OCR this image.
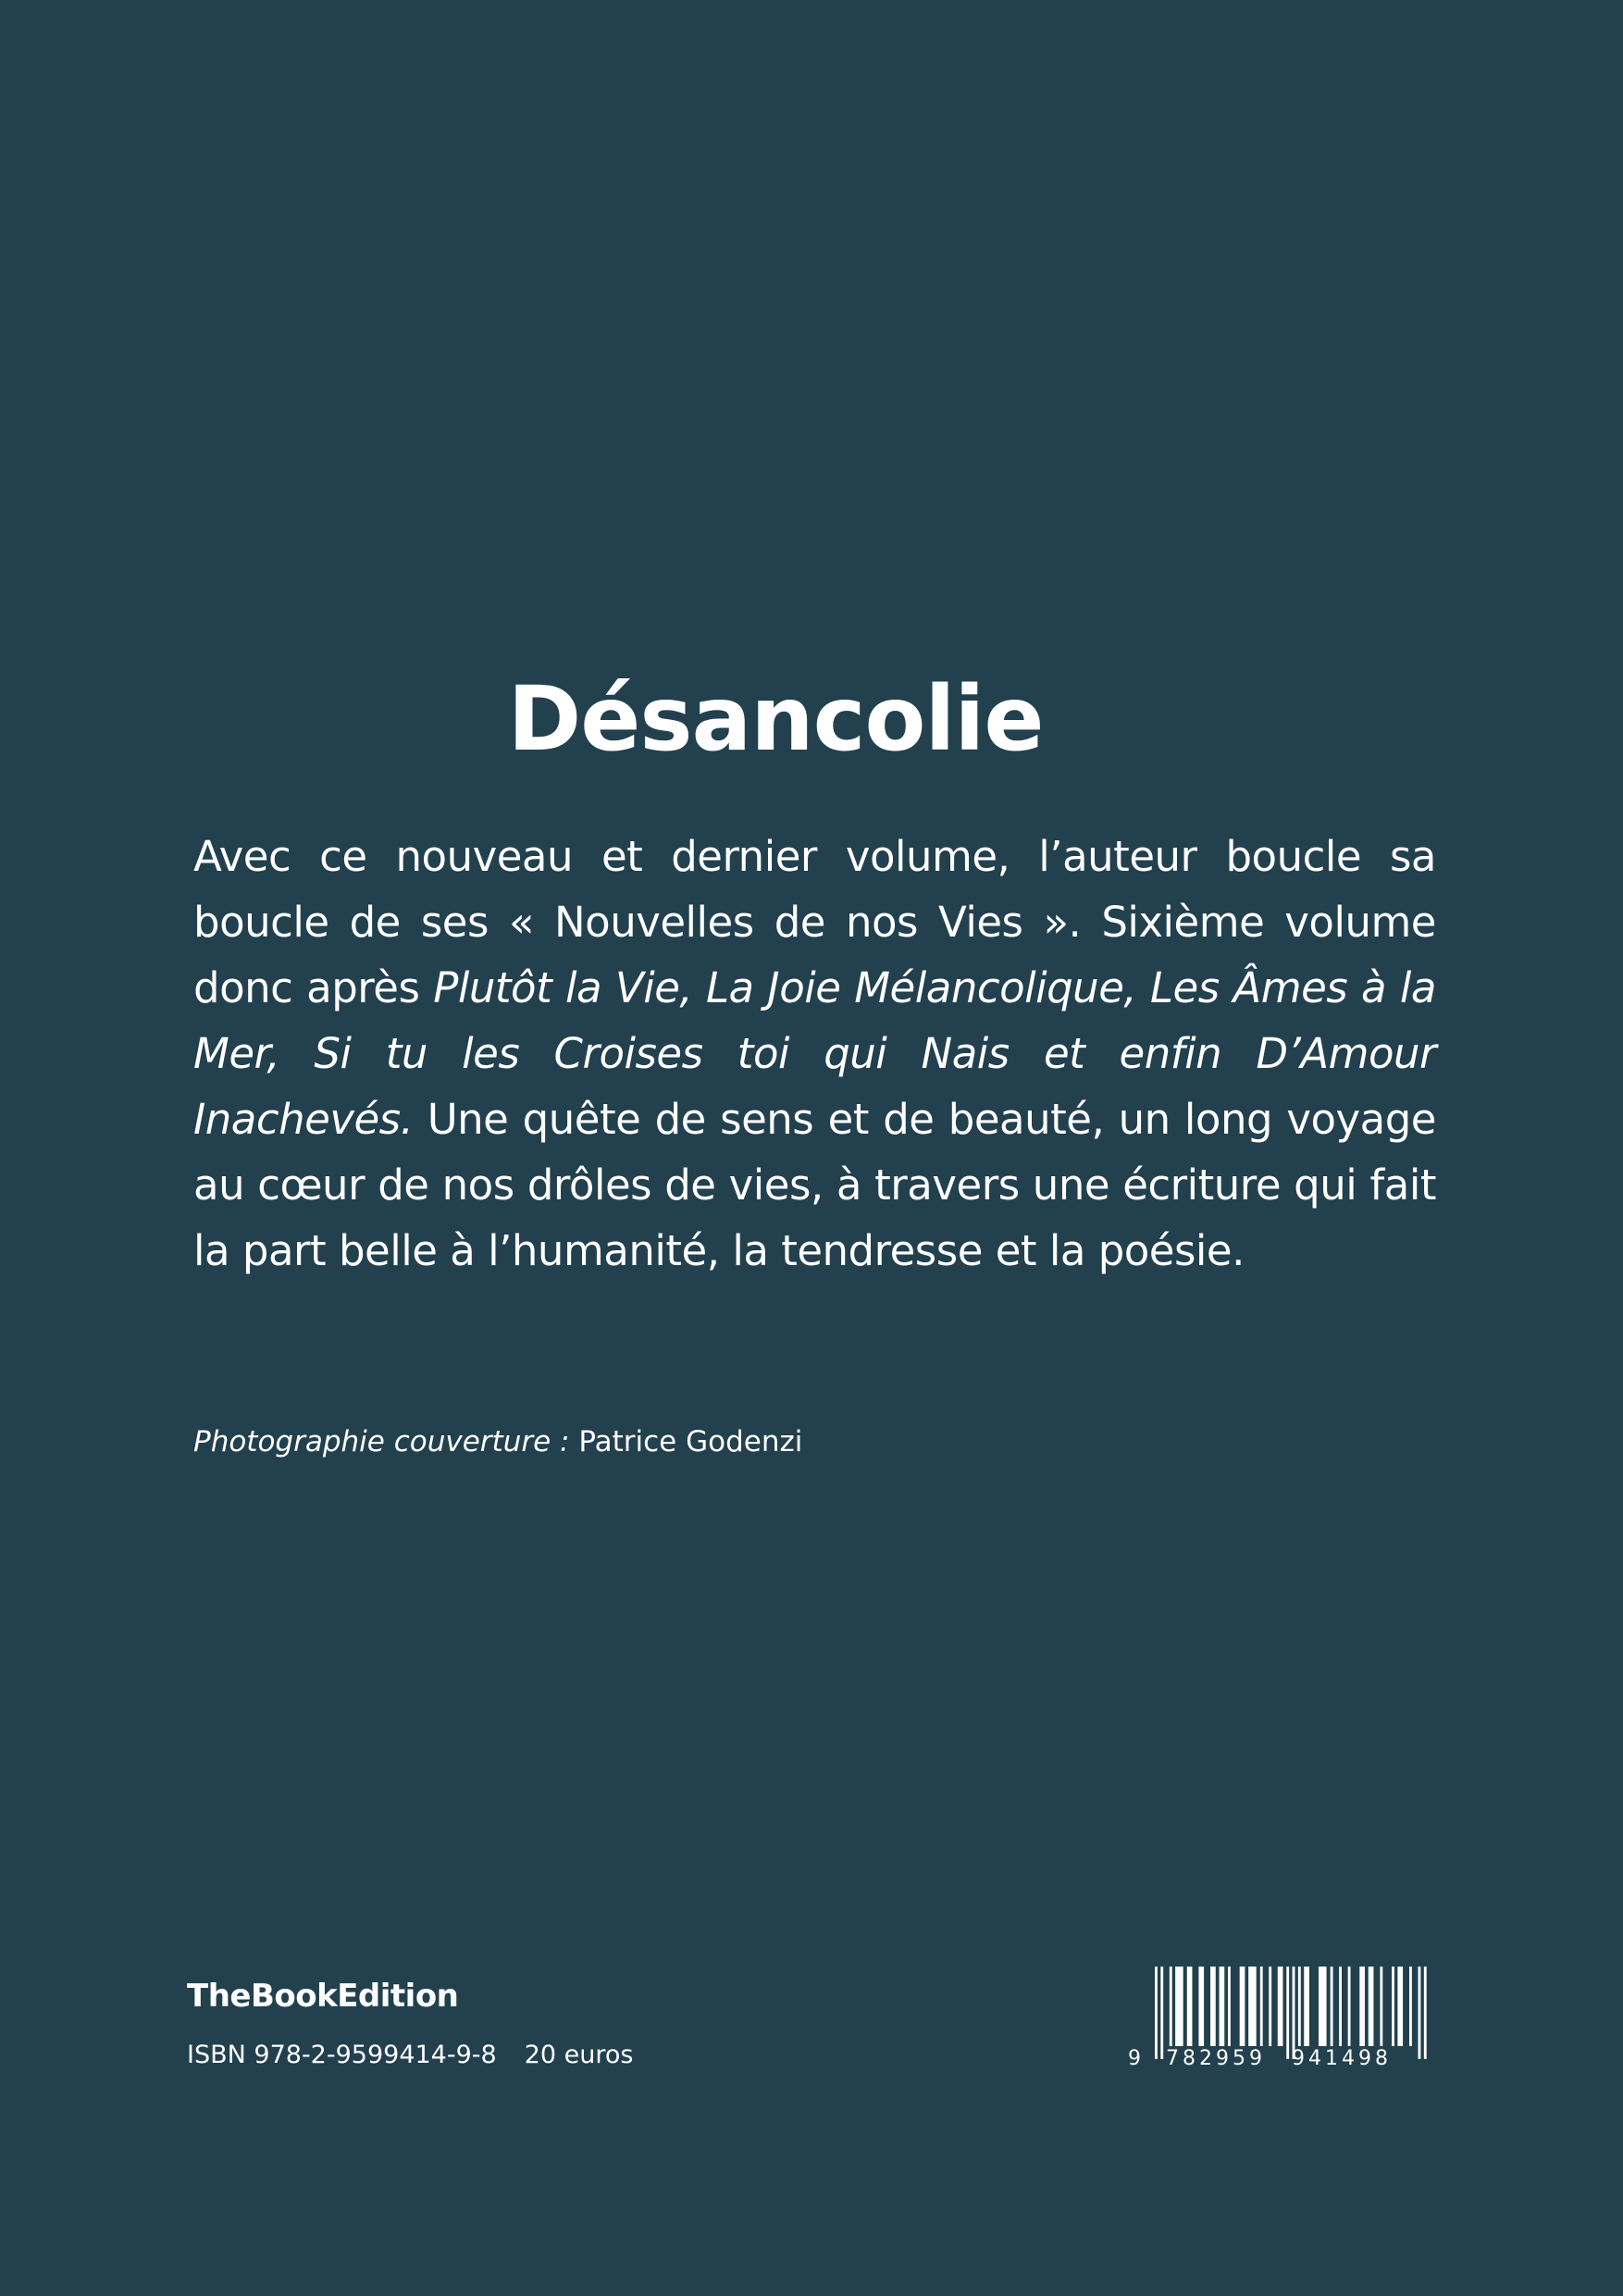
Désancolie
Avec ce nouveau et dernier volume, l’auteur boucle sa boucle de ses « Nouvelles de nos Vies ». Sixième volume donc après Plutôt la Vie, La Joie Mélancolique, Les Âmes à la Mer, Si tu les Croises toi qui Nais et enfin D’Amour Inachevés. Une quête de sens et de beauté, un long voyage au cœur de nos drôles de vies, à travers une écriture qui fait la part belle à l’humanité, la tendresse et la poésie.
Photographie couverture : Patrice Godenzi
TheBookEdition
ISBN 978-2-9599414-9-8 20 euros	9 782959 941498
